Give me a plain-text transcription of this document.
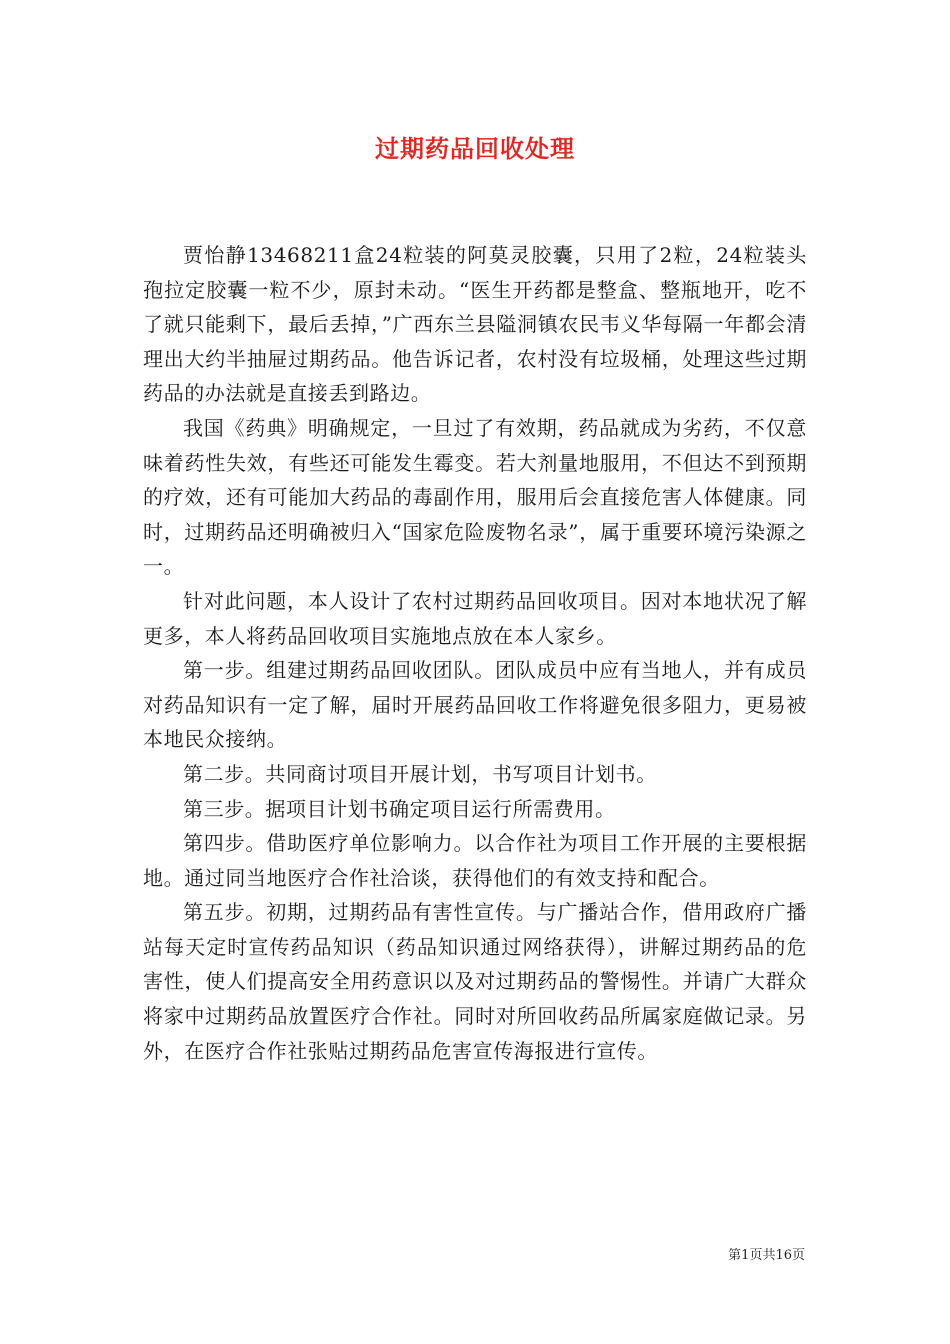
过期药品回收处理

贾怡静13468211盒24粒装的阿莫灵胶囊，只用了2粒，24粒装头孢拉定胶囊一粒不少，原封未动。“医生开药都是整盒、整瓶地开，吃不了就只能剩下，最后丢掉，”广西东兰县隘洞镇农民韦义华每隔一年都会清理出大约半抽屉过期药品。他告诉记者，农村没有垃圾桶，处理这些过期药品的办法就是直接丢到路边。

我国《药典》明确规定，一旦过了有效期，药品就成为劣药，不仅意味着药性失效，有些还可能发生霉变。若大剂量地服用，不但达不到预期的疗效，还有可能加大药品的毒副作用，服用后会直接危害人体健康。同时，过期药品还明确被归入“国家危险废物名录”，属于重要环境污染源之一。

针对此问题，本人设计了农村过期药品回收项目。因对本地状况了解更多，本人将药品回收项目实施地点放在本人家乡。

第一步。组建过期药品回收团队。团队成员中应有当地人，并有成员对药品知识有一定了解，届时开展药品回收工作将避免很多阻力，更易被本地民众接纳。

第二步。共同商讨项目开展计划，书写项目计划书。

第三步。据项目计划书确定项目运行所需费用。

第四步。借助医疗单位影响力。以合作社为项目工作开展的主要根据地。通过同当地医疗合作社洽谈，获得他们的有效支持和配合。

第五步。初期，过期药品有害性宣传。与广播站合作，借用政府广播站每天定时宣传药品知识（药品知识通过网络获得），讲解过期药品的危害性，使人们提高安全用药意识以及对过期药品的警惕性。并请广大群众将家中过期药品放置医疗合作社。同时对所回收药品所属家庭做记录。另外，在医疗合作社张贴过期药品危害宣传海报进行宣传。

第1页共16页
